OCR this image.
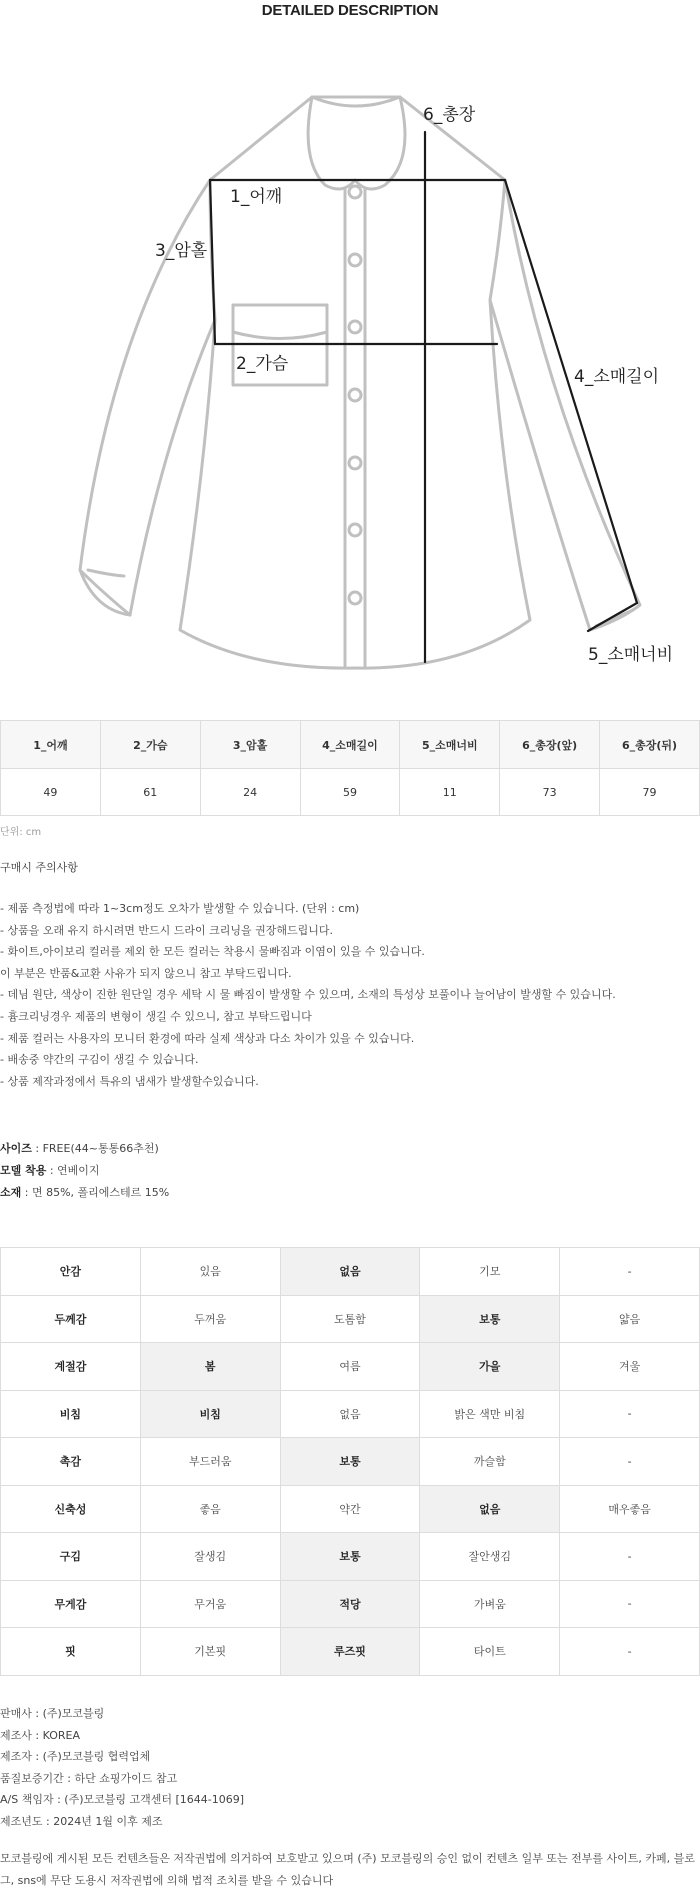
DETAILED DESCRIPTION
1_어깨
2_가슴
3_암홀
4_소매길이
5_소매너비
6_총장
1_어깨	2_가슴	3_암홀	4_소매길이	5_소매너비	6_총장(앞)	6_총장(뒤)
49	61	24	59	11	73	79
단위: cm
구매시 주의사항
- 제품 측정법에 따라 1~3cm정도 오차가 발생할 수 있습니다. (단위 : cm)
- 상품을 오래 유지 하시려면 반드시 드라이 크리닝을 권장해드립니다.
- 화이트,아이보리 컬러를 제외 한 모든 컬러는 착용시 물빠짐과 이염이 있을 수 있습니다.
이 부분은 반품&교환 사유가 되지 않으니 참고 부탁드립니다.
- 데님 원단, 색상이 진한 원단일 경우 세탁 시 물 빠짐이 발생할 수 있으며, 소재의 특성상 보풀이나 늘어남이 발생할 수 있습니다.
- 흄크리닝경우 제품의 변형이 생길 수 있으니, 참고 부탁드립니다
- 제품 컬러는 사용자의 모니터 환경에 따라 실제 색상과 다소 차이가 있을 수 있습니다.
- 배송중 약간의 구김이 생길 수 있습니다.
- 상품 제작과정에서 특유의 냄새가 발생할수있습니다.
사이즈 : FREE(44~통통66추천)
모델 착용 : 연베이지
소재 : 면 85%, 폴리에스테르 15%
안감	있음	없음	기모	-
두께감	두꺼움	도톰함	보통	얇음
계절감	봄	여름	가을	겨울
비침	비침	없음	밝은 색만 비침	-
촉감	부드러움	보통	까슬함	-
신축성	좋음	약간	없음	매우좋음
구김	잘생김	보통	잘안생김	-
무게감	무거움	적당	가벼움	-
핏	기본핏	루즈핏	타이트	-
판매사 : (주)모코블링
제조사 : KOREA
제조자 : (주)모코블링 협력업체
품질보증기간 : 하단 쇼핑가이드 참고
A/S 책임자 : (주)모코블링 고객센터 [1644-1069]
제조년도 : 2024년 1월 이후 제조
모코블링에 게시된 모든 컨텐츠들은 저작권법에 의거하여 보호받고 있으며 (주) 모코블링의 승인 없이 컨텐츠 일부 또는 전부를 사이트, 카페, 블로그, sns에 무단 도용시 저작권법에 의해 법적 조치를 받을 수 있습니다
